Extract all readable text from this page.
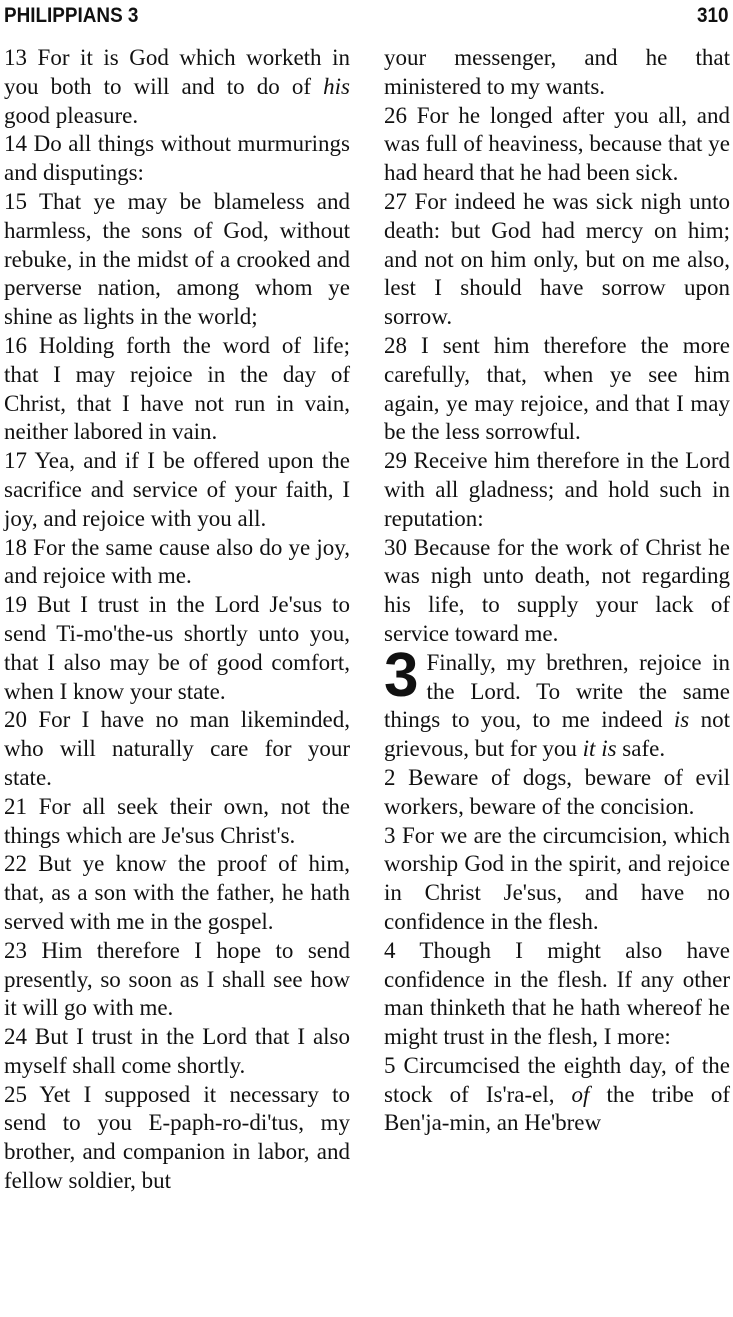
PHILIPPIANS 3	310

13 For it is God which worketh in you both to will and to do of his good pleasure.

14 Do all things without murmurings and disputings:

15 That ye may be blameless and harmless, the sons of God, without rebuke, in the midst of a crooked and perverse nation, among whom ye shine as lights in the world;

16 Holding forth the word of life; that I may rejoice in the day of Christ, that I have not run in vain, neither labored in vain.

17 Yea, and if I be offered upon the sacrifice and service of your faith, I joy, and rejoice with you all.

18 For the same cause also do ye joy, and rejoice with me.

19 But I trust in the Lord Je'sus to send Ti-mo'the-us shortly unto you, that I also may be of good comfort, when I know your state.

20 For I have no man likeminded, who will naturally care for your state.

21 For all seek their own, not the things which are Je'sus Christ's.

22 But ye know the proof of him, that, as a son with the father, he hath served with me in the gospel.

23 Him therefore I hope to send presently, so soon as I shall see how it will go with me.

24 But I trust in the Lord that I also myself shall come shortly.

25 Yet I supposed it necessary to send to you E-paph-ro-di'tus, my brother, and companion in labor, and fellow soldier, but

your messenger, and he that ministered to my wants.

26 For he longed after you all, and was full of heaviness, because that ye had heard that he had been sick.

27 For indeed he was sick nigh unto death: but God had mercy on him; and not on him only, but on me also, lest I should have sorrow upon sorrow.

28 I sent him therefore the more carefully, that, when ye see him again, ye may rejoice, and that I may be the less sorrowful.

29 Receive him therefore in the Lord with all gladness; and hold such in reputation:

30 Because for the work of Christ he was nigh unto death, not regarding his life, to supply your lack of service toward me.

3 Finally, my brethren, rejoice in the Lord. To write the same things to you, to me indeed is not grievous, but for you it is safe.

2 Beware of dogs, beware of evil workers, beware of the concision.

3 For we are the circumcision, which worship God in the spirit, and rejoice in Christ Je'sus, and have no confidence in the flesh.

4 Though I might also have confidence in the flesh. If any other man thinketh that he hath whereof he might trust in the flesh, I more:

5 Circumcised the eighth day, of the stock of Is'ra-el, of the tribe of Ben'ja-min, an He'brew
